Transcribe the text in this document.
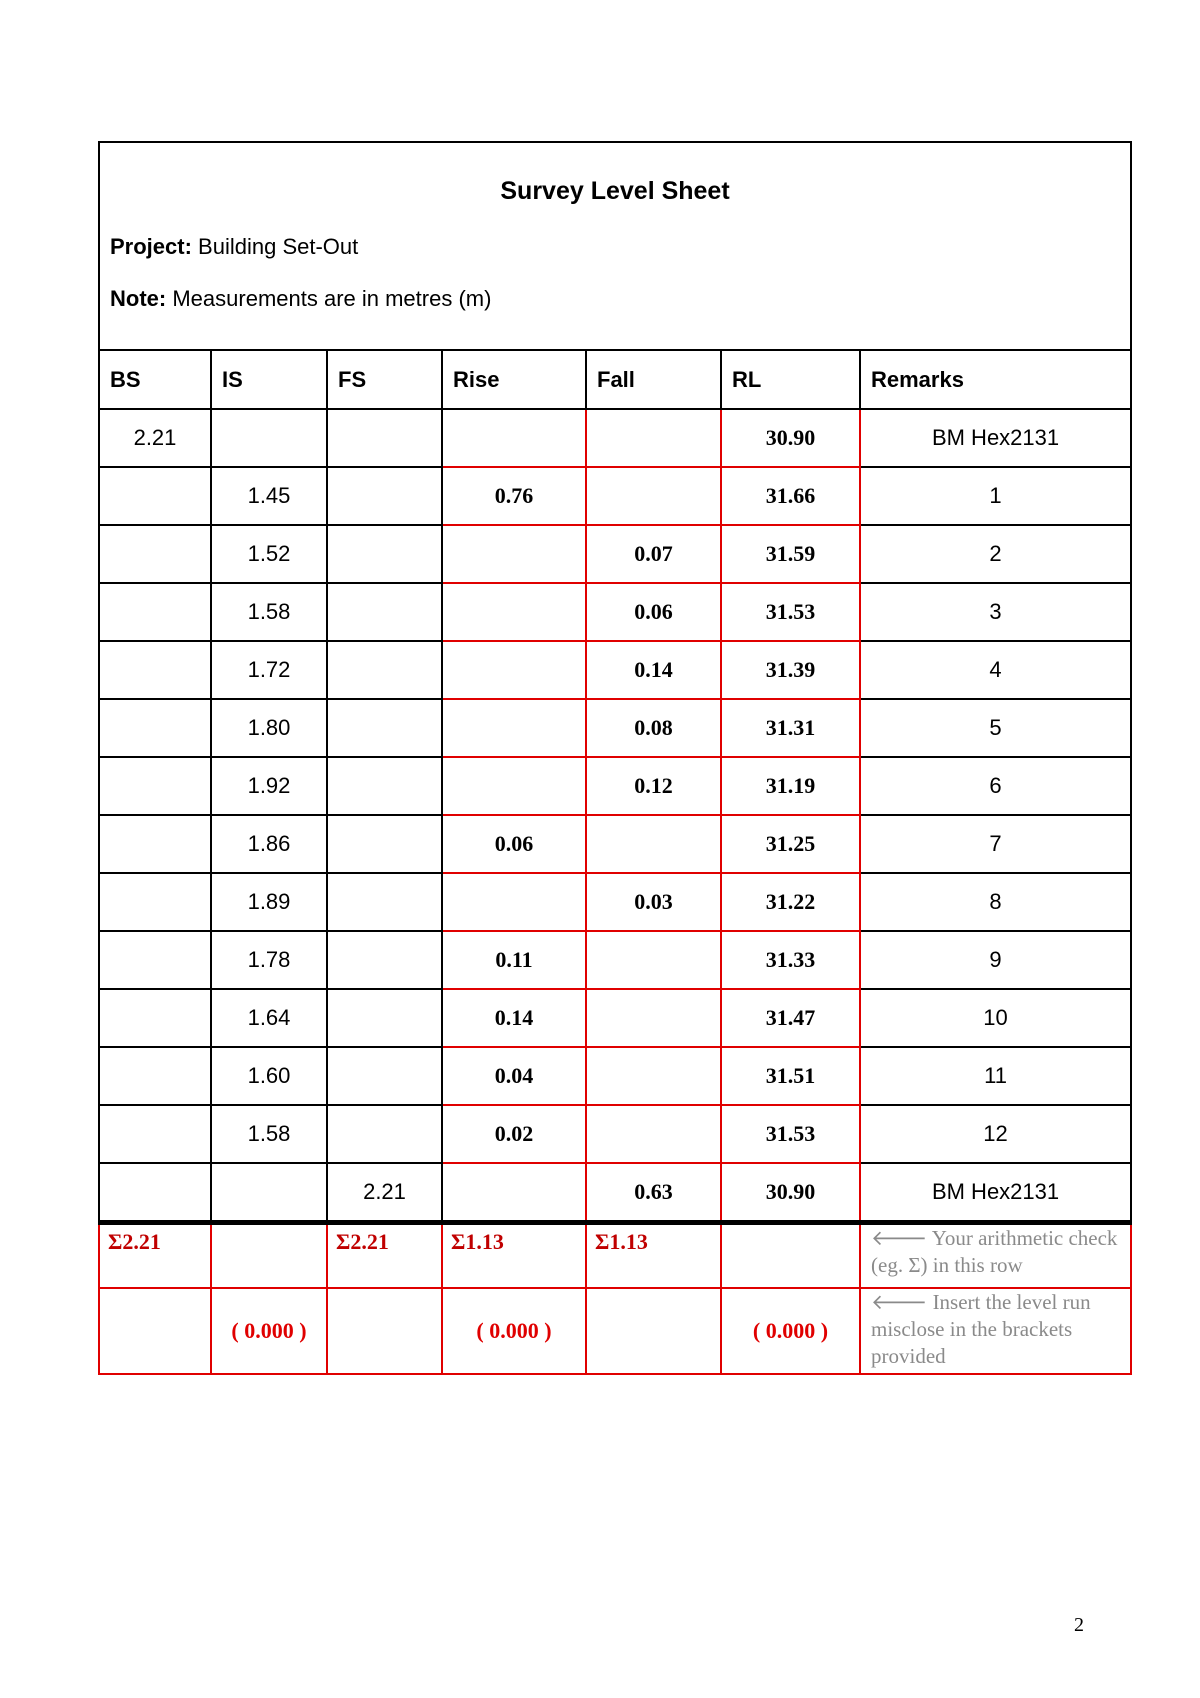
Survey Level Sheet
Project: Building Set-Out
Note: Measurements are in metres (m)						

BS	IS	FS	Rise	Fall	RL	Remarks
2.21					30.90	BM Hex2131
	1.45		0.76		31.66	1
	1.52			0.07	31.59	2
	1.58			0.06	31.53	3
	1.72			0.14	31.39	4
	1.80			0.08	31.31	5
	1.92			0.12	31.19	6
	1.86		0.06		31.25	7
	1.89			0.03	31.22	8
	1.78		0.11		31.33	9
	1.64		0.14		31.47	10
	1.60		0.04		31.51	11
	1.58		0.02		31.53	12
		2.21		0.63	30.90	BM Hex2131
Σ2.21		Σ2.21	Σ1.13	Σ1.13		🡐 Your arithmetic check (eg. Σ) in this row
	( 0.000 )		( 0.000 )		( 0.000 )	🡐 Insert the level run misclose in the brackets provided
2
